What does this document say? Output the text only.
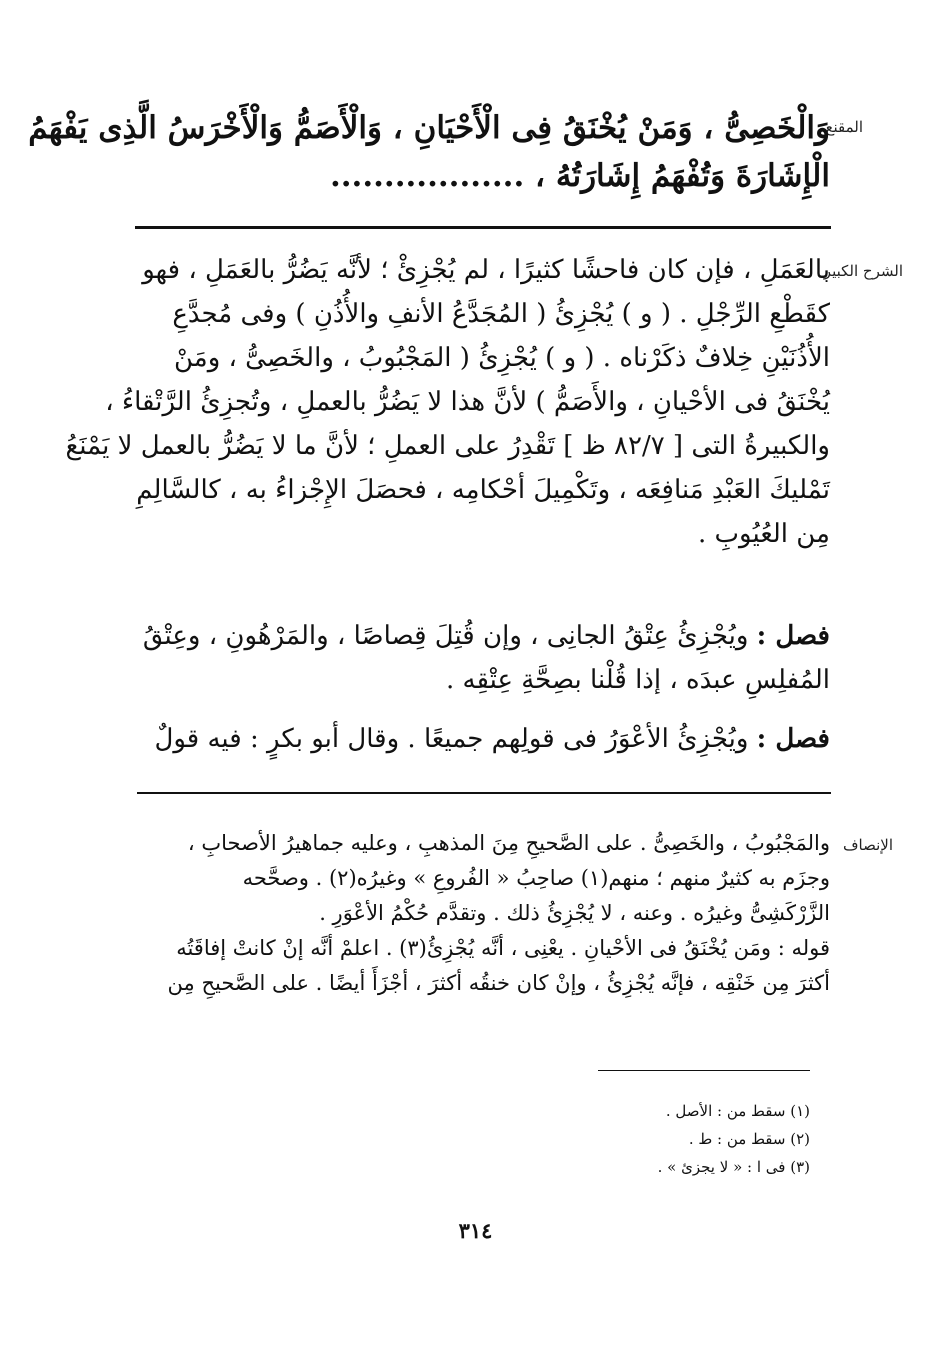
المقنع
وَالْخَصِىُّ ، وَمَنْ يُخْنَقُ فِى الْأَحْيَانِ ، وَالْأَصَمُّ وَالْأَخْرَسُ الَّذِى يَفْهَمُ
الْإِشَارَةَ وَتُفْهَمُ إِشَارَتُهُ ، ..................
الشرح الكبير
بالعَمَلِ ، فإن كان فاحشًا كثيرًا ، لم يُجْزِئْ ؛ لأنَّه يَضُرُّ بالعَمَلِ ، فهو
كقَطْعِ الرِّجْلِ . ( و ) يُجْزِئُ ( المُجَدَّعُ الأنفِ والأُذُنِ ) وفى مُجدَّعِ
الأُذُنَيْنِ خِلافٌ ذكَرْناه . ( و ) يُجْزِئُ ( المَجْبُوبُ ، والخَصِىُّ ، ومَنْ
يُخْنَقُ فى الأحْيانِ ، والأَصَمُّ ) لأنَّ هذا لا يَضُرُّ بالعملِ ، وتُجزِئُ الرَّتْقاءُ ،
والكبيرةُ التى [ ٨٢/٧ ظ ] تَقْدِرُ على العملِ ؛ لأنَّ ما لا يَضُرُّ بالعمل لا يَمْنَعُ
تَمْليكَ العَبْدِ مَنافِعَه ، وتَكْمِيلَ أحْكامِه ، فحصَلَ الإِجْزاءُ به ، كالسَّالِمِ
مِن العُيُوبِ .
فصل : ويُجْزِئُ عِتْقُ الجانِى ، وإن قُتِلَ قِصاصًا ، والمَرْهُونِ ، وعِتْقُ
المُفلِسِ عبدَه ، إذا قُلْنا بصِحَّةِ عِتْقِه .
فصل : ويُجْزِئُ الأعْوَرُ فى قولِهم جميعًا . وقال أبو بكرٍ : فيه قولٌ
الإنصاف
والمَجْبُوبُ ، والخَصِىُّ . على الصَّحيحِ مِنَ المذهبِ ، وعليه جماهيرُ الأصحابِ ،
وجزَم به كثيرٌ منهم ؛ منهم(١) صاحِبُ « الفُروعِ » وغيرُه(٢) . وصحَّحه
الزَّرْكَشِىُّ وغيرُه . وعنه ، لا يُجْزِئُ ذلك . وتقدَّم حُكْمُ الأعْوَرِ .
قوله : ومَن يُخْنَقُ فى الأحْيانِ . يعْنِى ، أنَّه يُجْزِئُ(٣) . اعلمْ أنَّه إنْ كانتْ إفاقَتُه
أكثرَ مِن خَنْقِه ، فإنَّه يُجْزِئُ ، وإنْ كان خنقُه أكثرَ ، أجْزَأَ أيضًا . على الصَّحيحِ مِن
(١) سقط من : الأصل .
(٢) سقط من : ط .
(٣) فى ا : « لا يجزئ » .
٣١٤
